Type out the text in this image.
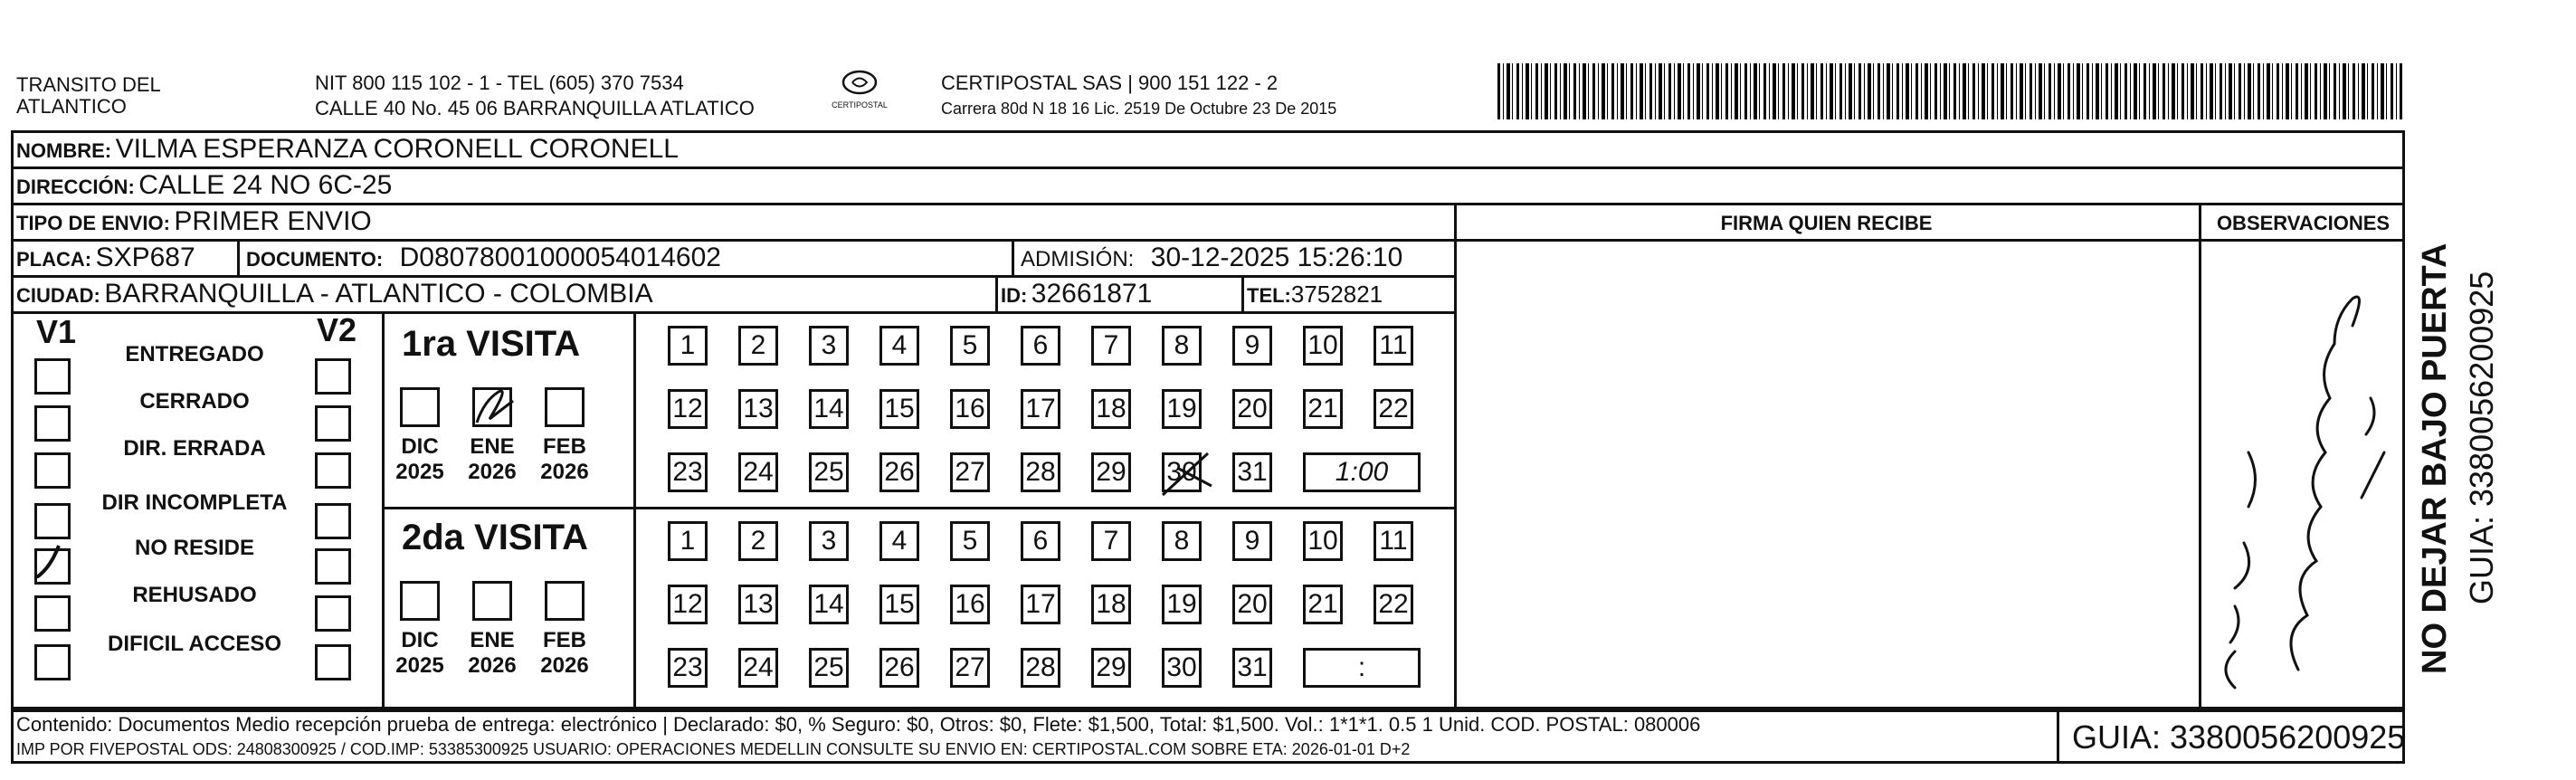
TRANSITO DEL
ATLANTICO
NIT 800 115 102 - 1 - TEL (605) 370 7534
CALLE 40 No. 45 06 BARRANQUILLA ATLATICO	CERTIPOSTAL
CERTIPOSTAL SAS | 900 151 122 - 2
Carrera 80d N 18 16 Lic. 2519 De Octubre 23 De 2015
NOMBRE: VILMA ESPERANZA CORONELL CORONELL
DIRECCIÓN: CALLE 24 NO 6C-25
TIPO DE ENVIO: PRIMER ENVIO	FIRMA QUIEN RECIBE	OBSERVACIONES
PLACA: SXP687	DOCUMENTO: D08078001000054014602	ADMISIÓN: 30-12-2025 15:26:10
CIUDAD: BARRANQUILLA - ATLANTICO - COLOMBIA	ID: 32661871	TEL:3752821
V1	V2
ENTREGADO
CERRADO
DIR. ERRADA
DIR INCOMPLETA
NO RESIDE
REHUSADO
DIFICIL ACCESO
1ra VISITA
2da VISITA
DIC
2025
ENE
2026
FEB
2026
DIC
2025
ENE
2026
FEB
2026
1	2	3	4	5	6	7	8	9	10 11
12 13 14 15 16 17 18 19 20 21 22
23 24 25 26 27 28 29 30 31	1:00
1	2	3	4	5	6	7	8	9	10 11
12 13 14 15 16 17 18 19 20 21 22
23 24 25 26 27 28 29 30 31	:	NO DEJAR BAJO PUERTA GUIA: 3380056200925
Contenido: Documentos Medio recepción prueba de entrega: electrónico | Declarado: $0, % Seguro: $0, Otros: $0, Flete: $1,500, Total: $1,500. Vol.: 1*1*1. 0.5 1 Unid. COD. POSTAL: 080006
IMP POR FIVEPOSTAL ODS: 24808300925 / COD.IMP: 53385300925 USUARIO: OPERACIONES MEDELLIN CONSULTE SU ENVIO EN: CERTIPOSTAL.COM SOBRE ETA: 2026-01-01 D+2	GUIA: 3380056200925
